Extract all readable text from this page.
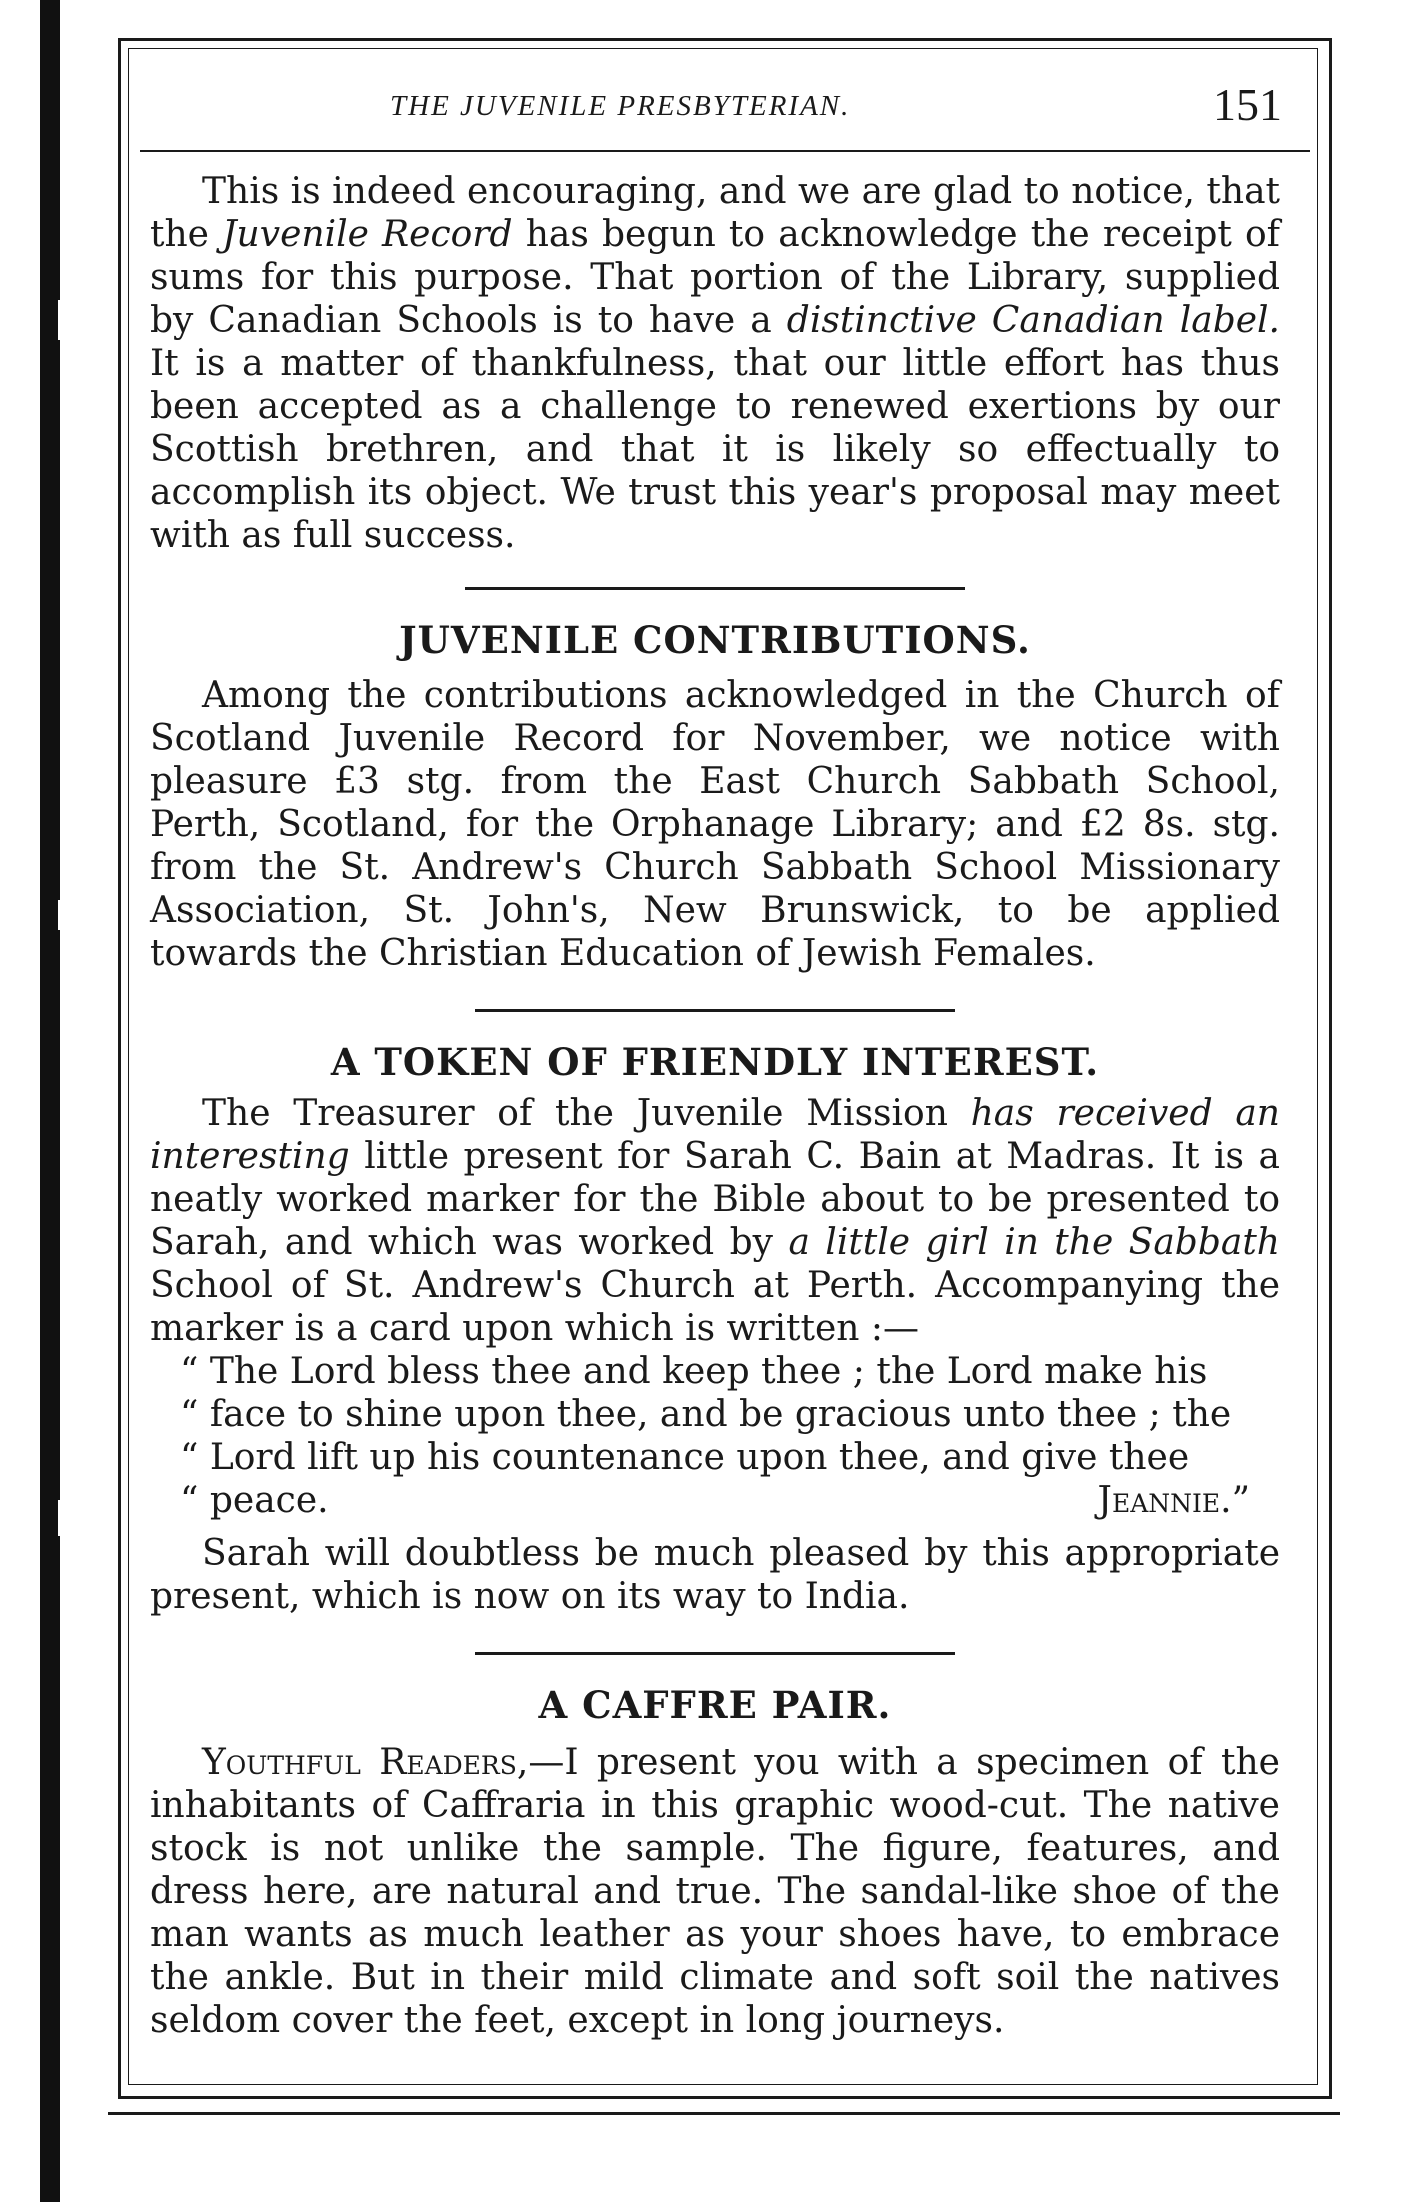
THE JUVENILE PRESBYTERIAN.	151

This is indeed encouraging, and we are glad to notice, that the Juvenile Record has begun to acknowledge the receipt of sums for this purpose. That portion of the Library, supplied by Canadian Schools is to have a distinctive Canadian label. It is a matter of thankfulness, that our little effort has thus been accepted as a challenge to renewed exertions by our Scottish brethren, and that it is likely so effectually to accomplish its object. We trust this year's proposal may meet with as full success.

JUVENILE CONTRIBUTIONS.

Among the contributions acknowledged in the Church of Scotland Juvenile Record for November, we notice with pleasure £3 stg. from the East Church Sabbath School, Perth, Scotland, for the Orphanage Library; and £2 8s. stg. from the St. Andrew's Church Sabbath School Missionary Association, St. John's, New Brunswick, to be applied towards the Christian Education of Jewish Females.

A TOKEN OF FRIENDLY INTEREST.

The Treasurer of the Juvenile Mission has received an interesting little present for Sarah C. Bain at Madras. It is a neatly worked marker for the Bible about to be presented to Sarah, and which was worked by a little girl in the Sabbath School of St. Andrew's Church at Perth. Accompanying the marker is a card upon which is written :—

“ The Lord bless thee and keep thee ; the Lord make his

“ face to shine upon thee, and be gracious unto thee ; the

“ Lord lift up his countenance upon thee, and give thee

“ peace.	Jeannie.”

Sarah will doubtless be much pleased by this appropriate present, which is now on its way to India.

A CAFFRE PAIR.

Youthful Readers,—I present you with a specimen of the inhabitants of Caffraria in this graphic wood-cut. The native stock is not unlike the sample. The figure, features, and dress here, are natural and true. The sandal-like shoe of the man wants as much leather as your shoes have, to embrace the ankle. But in their mild climate and soft soil the natives seldom cover the feet, except in long journeys.
